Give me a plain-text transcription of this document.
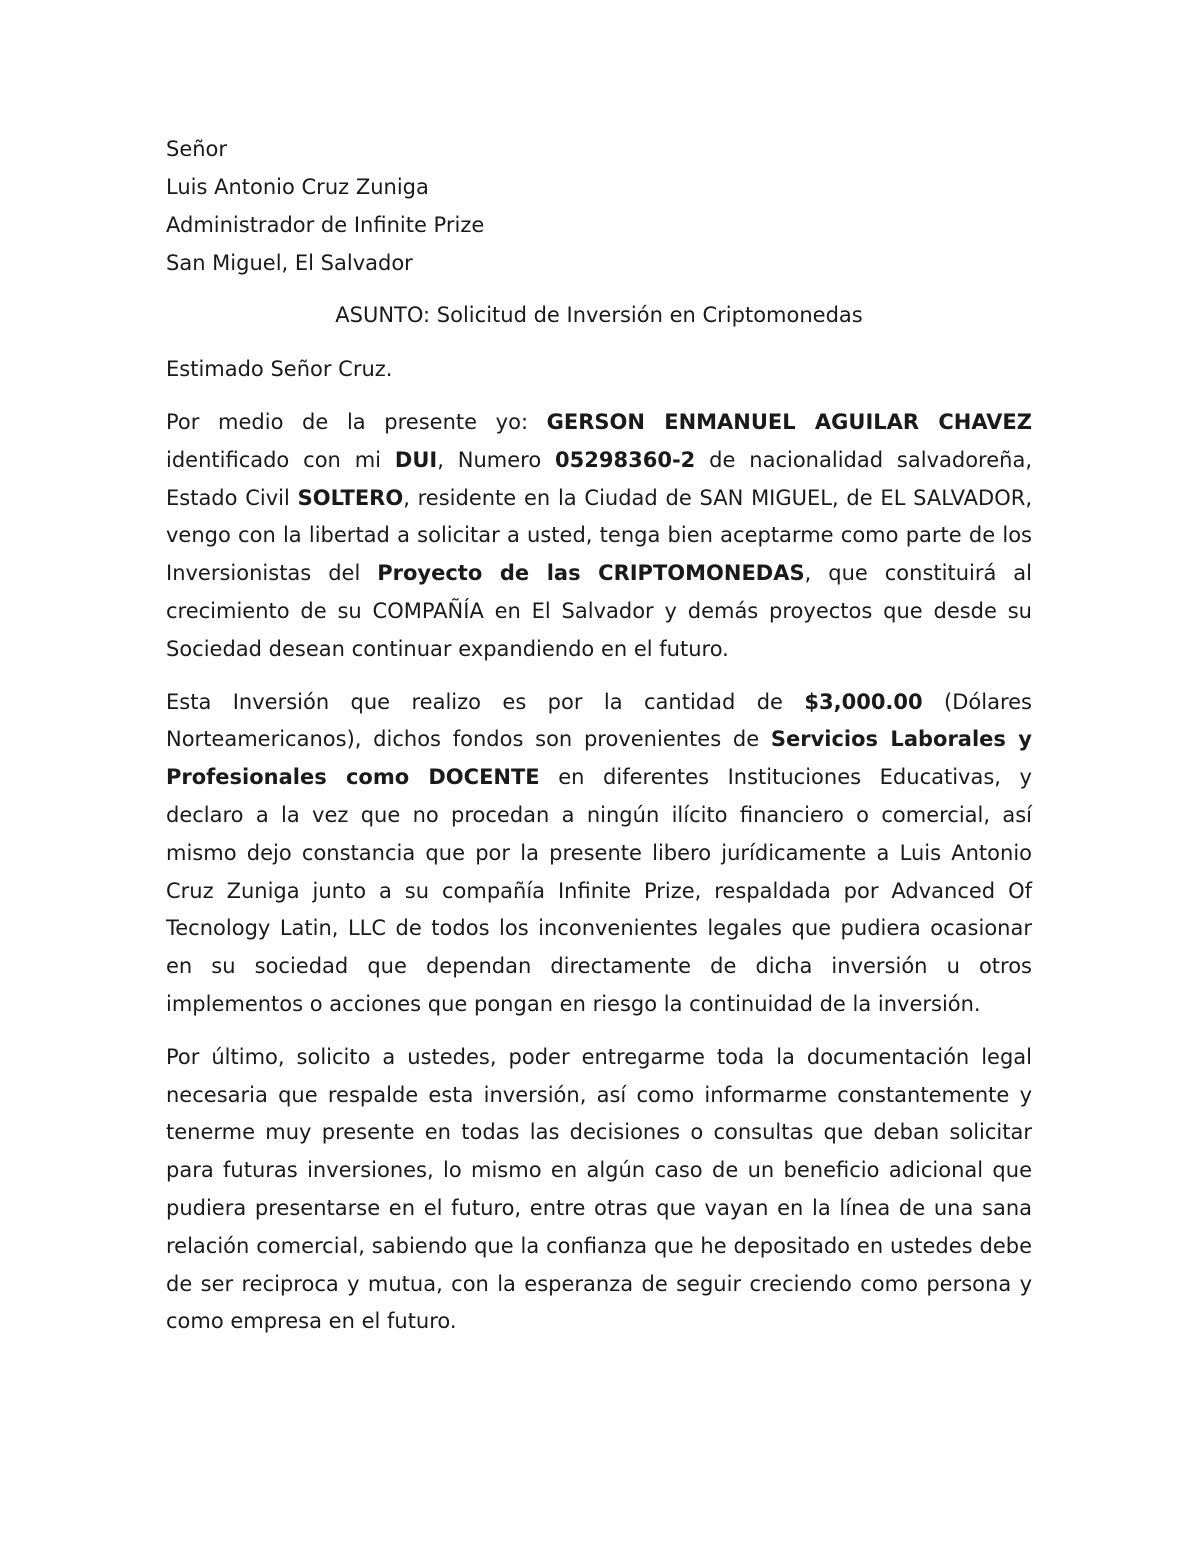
Señor
Luis Antonio Cruz Zuniga
Administrador de Infinite Prize
San Miguel, El Salvador
ASUNTO: Solicitud de Inversión en Criptomonedas
Estimado Señor Cruz.

Por medio de la presente yo: GERSON ENMANUEL AGUILAR CHAVEZ identificado con mi DUI, Numero 05298360-2 de nacionalidad salvadoreña, Estado Civil SOLTERO, residente en la Ciudad de SAN MIGUEL, de EL SALVADOR, vengo con la libertad a solicitar a usted, tenga bien aceptarme como parte de los Inversionistas del Proyecto de las CRIPTOMONEDAS, que constituirá al crecimiento de su COMPAÑÍA en El Salvador y demás proyectos que desde su Sociedad desean continuar expandiendo en el futuro.

Esta Inversión que realizo es por la cantidad de $3,000.00 (Dólares Norteamericanos), dichos fondos son provenientes de Servicios Laborales y Profesionales como DOCENTE en diferentes Instituciones Educativas, y declaro a la vez que no procedan a ningún ilícito financiero o comercial, así mismo dejo constancia que por la presente libero jurídicamente a Luis Antonio Cruz Zuniga junto a su compañía Infinite Prize, respaldada por Advanced Of Tecnology Latin, LLC de todos los inconvenientes legales que pudiera ocasionar en su sociedad que dependan directamente de dicha inversión u otros implementos o acciones que pongan en riesgo la continuidad de la inversión.

Por último, solicito a ustedes, poder entregarme toda la documentación legal necesaria que respalde esta inversión, así como informarme constantemente y tenerme muy presente en todas las decisiones o consultas que deban solicitar para futuras inversiones, lo mismo en algún caso de un beneficio adicional que pudiera presentarse en el futuro, entre otras que vayan en la línea de una sana relación comercial, sabiendo que la confianza que he depositado en ustedes debe de ser reciproca y mutua, con la esperanza de seguir creciendo como persona y como empresa en el futuro.
